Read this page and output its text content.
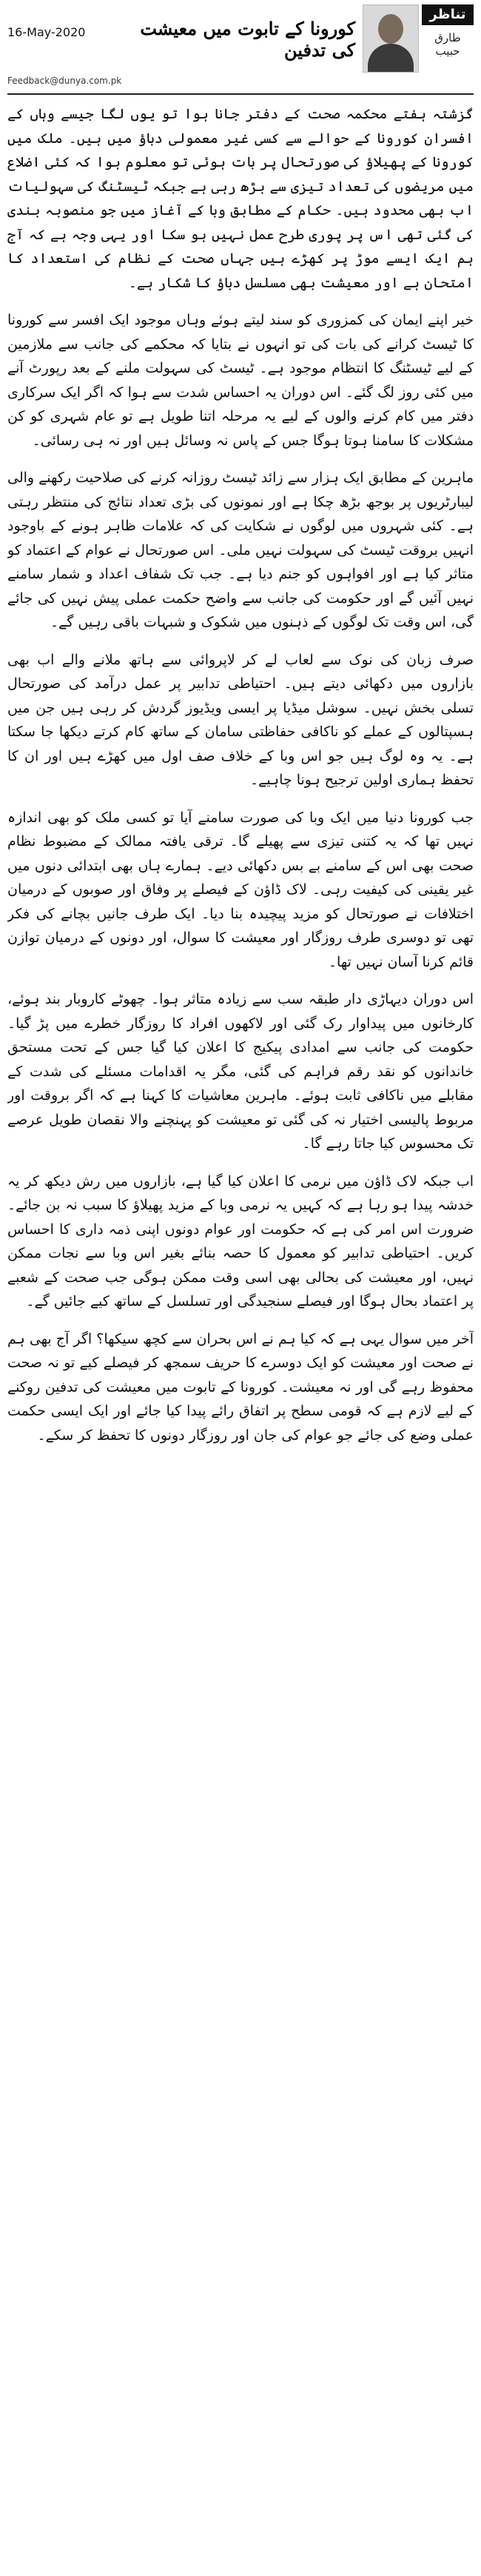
تناظر
طارق حبیب
کورونا کے تابوت میں معیشت کی تدفین
16-May-2020
Feedback@dunya.com.pk

گزشتہ ہفتے محکمہ صحت کے دفتر جانا ہوا تو یوں لگا جیسے وہاں کے افسران کورونا کے حوالے سے کسی غیر معمولی دباؤ میں ہیں۔ ملک میں کورونا کے پھیلاؤ کی صورتحال پر بات ہوئی تو معلوم ہوا کہ کئی اضلاع میں مریضوں کی تعداد تیزی سے بڑھ رہی ہے جبکہ ٹیسٹنگ کی سہولیات اب بھی محدود ہیں۔ حکام کے مطابق وبا کے آغاز میں جو منصوبہ بندی کی گئی تھی اس پر پوری طرح عمل نہیں ہو سکا اور یہی وجہ ہے کہ آج ہم ایک ایسے موڑ پر کھڑے ہیں جہاں صحت کے نظام کی استعداد کا امتحان ہے اور معیشت بھی مسلسل دباؤ کا شکار ہے۔

خیر اپنے ایمان کی کمزوری کو سند لیتے ہوئے وہاں موجود ایک افسر سے کورونا کا ٹیسٹ کرانے کی بات کی تو انہوں نے بتایا کہ محکمے کی جانب سے ملازمین کے لیے ٹیسٹنگ کا انتظام موجود ہے۔ ٹیسٹ کی سہولت ملنے کے بعد رپورٹ آنے میں کئی روز لگ گئے۔ اس دوران یہ احساس شدت سے ہوا کہ اگر ایک سرکاری دفتر میں کام کرنے والوں کے لیے یہ مرحلہ اتنا طویل ہے تو عام شہری کو کن مشکلات کا سامنا ہوتا ہوگا جس کے پاس نہ وسائل ہیں اور نہ ہی رسائی۔

ماہرین کے مطابق ایک ہزار سے زائد ٹیسٹ روزانہ کرنے کی صلاحیت رکھنے والی لیبارٹریوں پر بوجھ بڑھ چکا ہے اور نمونوں کی بڑی تعداد نتائج کی منتظر رہتی ہے۔ کئی شہروں میں لوگوں نے شکایت کی کہ علامات ظاہر ہونے کے باوجود انہیں بروقت ٹیسٹ کی سہولت نہیں ملی۔ اس صورتحال نے عوام کے اعتماد کو متاثر کیا ہے اور افواہوں کو جنم دیا ہے۔ جب تک شفاف اعداد و شمار سامنے نہیں آئیں گے اور حکومت کی جانب سے واضح حکمت عملی پیش نہیں کی جائے گی، اس وقت تک لوگوں کے ذہنوں میں شکوک و شبہات باقی رہیں گے۔

صرف زبان کی نوک سے لعاب لے کر لاپروائی سے ہاتھ ملانے والے اب بھی بازاروں میں دکھائی دیتے ہیں۔ احتیاطی تدابیر پر عمل درآمد کی صورتحال تسلی بخش نہیں۔ سوشل میڈیا پر ایسی ویڈیوز گردش کر رہی ہیں جن میں ہسپتالوں کے عملے کو ناکافی حفاظتی سامان کے ساتھ کام کرتے دیکھا جا سکتا ہے۔ یہ وہ لوگ ہیں جو اس وبا کے خلاف صف اول میں کھڑے ہیں اور ان کا تحفظ ہماری اولین ترجیح ہونا چاہیے۔

جب کورونا دنیا میں ایک وبا کی صورت سامنے آیا تو کسی ملک کو بھی اندازہ نہیں تھا کہ یہ کتنی تیزی سے پھیلے گا۔ ترقی یافتہ ممالک کے مضبوط نظام صحت بھی اس کے سامنے بے بس دکھائی دیے۔ ہمارے ہاں بھی ابتدائی دنوں میں غیر یقینی کی کیفیت رہی۔ لاک ڈاؤن کے فیصلے پر وفاق اور صوبوں کے درمیان اختلافات نے صورتحال کو مزید پیچیدہ بنا دیا۔ ایک طرف جانیں بچانے کی فکر تھی تو دوسری طرف روزگار اور معیشت کا سوال، اور دونوں کے درمیان توازن قائم کرنا آسان نہیں تھا۔

اس دوران دیہاڑی دار طبقہ سب سے زیادہ متاثر ہوا۔ چھوٹے کاروبار بند ہوئے، کارخانوں میں پیداوار رک گئی اور لاکھوں افراد کا روزگار خطرے میں پڑ گیا۔ حکومت کی جانب سے امدادی پیکیج کا اعلان کیا گیا جس کے تحت مستحق خاندانوں کو نقد رقم فراہم کی گئی، مگر یہ اقدامات مسئلے کی شدت کے مقابلے میں ناکافی ثابت ہوئے۔ ماہرین معاشیات کا کہنا ہے کہ اگر بروقت اور مربوط پالیسی اختیار نہ کی گئی تو معیشت کو پہنچنے والا نقصان طویل عرصے تک محسوس کیا جاتا رہے گا۔

اب جبکہ لاک ڈاؤن میں نرمی کا اعلان کیا گیا ہے، بازاروں میں رش دیکھ کر یہ خدشہ پیدا ہو رہا ہے کہ کہیں یہ نرمی وبا کے مزید پھیلاؤ کا سبب نہ بن جائے۔ ضرورت اس امر کی ہے کہ حکومت اور عوام دونوں اپنی ذمہ داری کا احساس کریں۔ احتیاطی تدابیر کو معمول کا حصہ بنائے بغیر اس وبا سے نجات ممکن نہیں، اور معیشت کی بحالی بھی اسی وقت ممکن ہوگی جب صحت کے شعبے پر اعتماد بحال ہوگا اور فیصلے سنجیدگی اور تسلسل کے ساتھ کیے جائیں گے۔

آخر میں سوال یہی ہے کہ کیا ہم نے اس بحران سے کچھ سیکھا؟ اگر آج بھی ہم نے صحت اور معیشت کو ایک دوسرے کا حریف سمجھ کر فیصلے کیے تو نہ صحت محفوظ رہے گی اور نہ معیشت۔ کورونا کے تابوت میں معیشت کی تدفین روکنے کے لیے لازم ہے کہ قومی سطح پر اتفاق رائے پیدا کیا جائے اور ایک ایسی حکمت عملی وضع کی جائے جو عوام کی جان اور روزگار دونوں کا تحفظ کر سکے۔
